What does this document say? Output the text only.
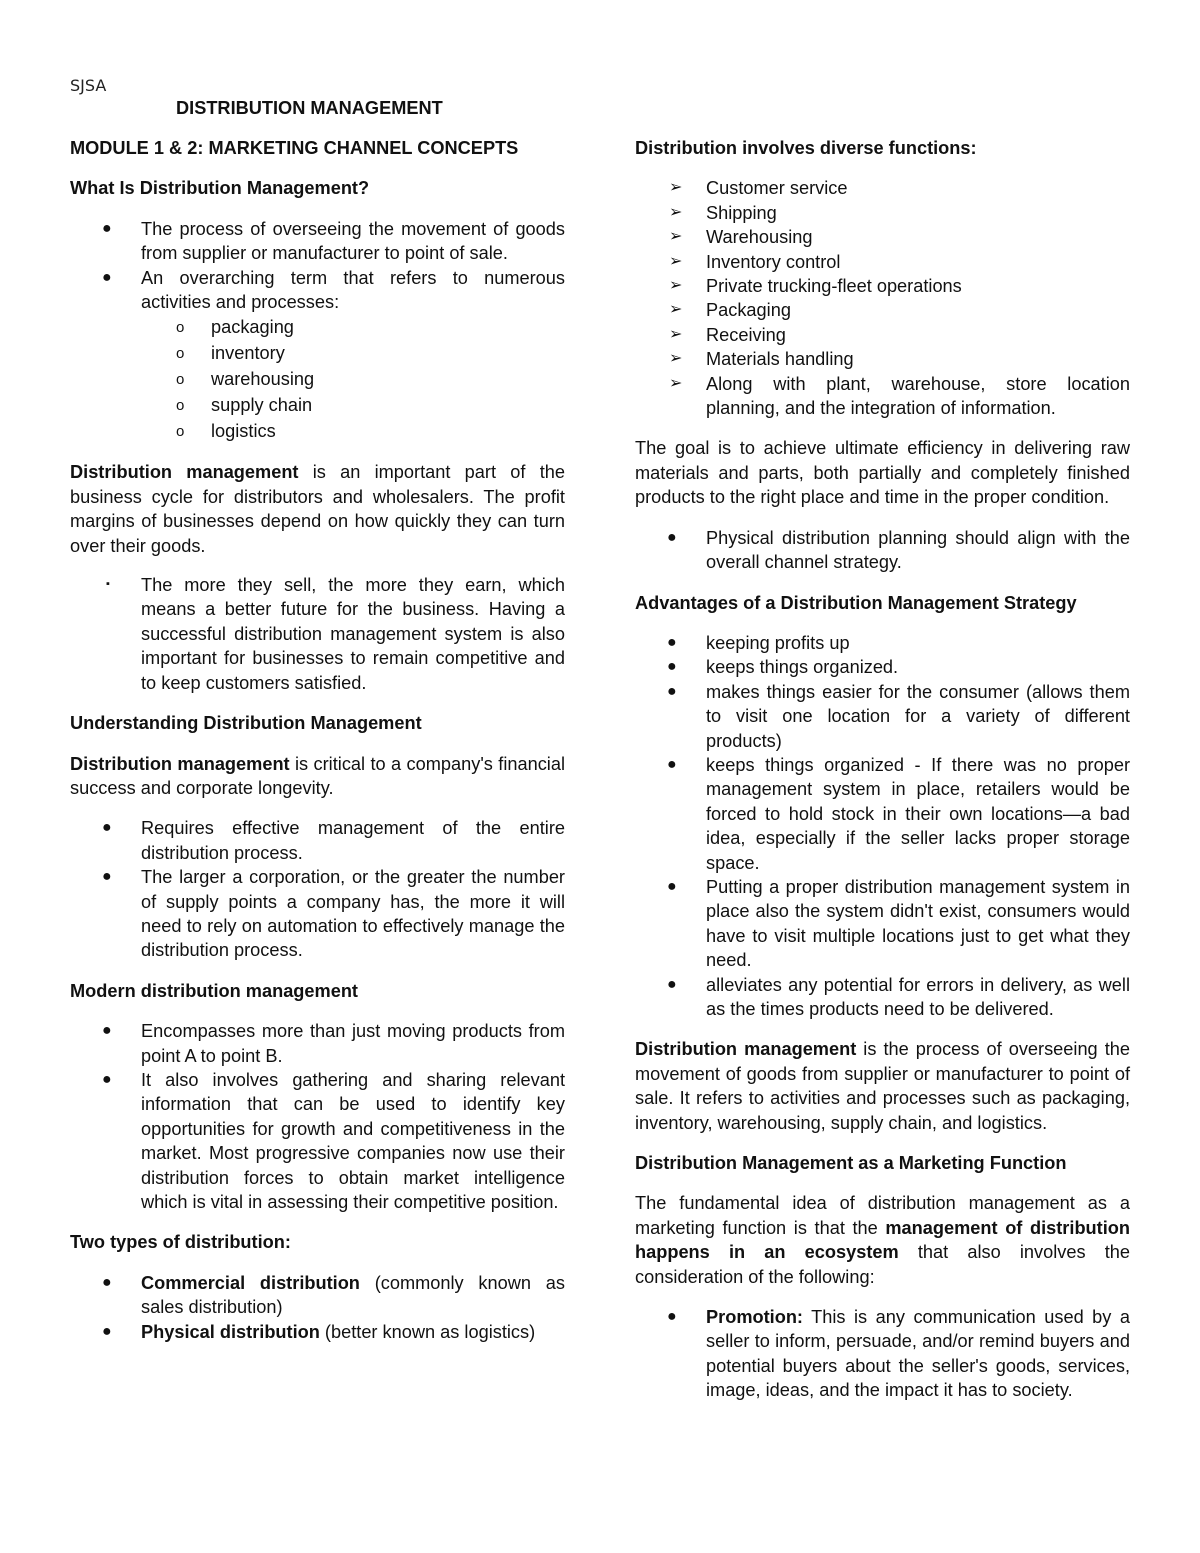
SJSA
DISTRIBUTION MANAGEMENT

MODULE 1 & 2: MARKETING CHANNEL CONCEPTS

What Is Distribution Management?

● The process of overseeing the movement of goods from supplier or manufacturer to point of sale.
● An overarching term that refers to numerous activities and processes:
o packaging
o inventory
o warehousing
o supply chain
o logistics

Distribution management is an important part of the business cycle for distributors and wholesalers. The profit margins of businesses depend on how quickly they can turn over their goods.

▪ The more they sell, the more they earn, which means a better future for the business. Having a successful distribution management system is also important for businesses to remain competitive and to keep customers satisfied.

Understanding Distribution Management

Distribution management is critical to a company's financial success and corporate longevity.

● Requires effective management of the entire distribution process.
● The larger a corporation, or the greater the number of supply points a company has, the more it will need to rely on automation to effectively manage the distribution process.

Modern distribution management

● Encompasses more than just moving products from point A to point B.
● It also involves gathering and sharing relevant information that can be used to identify key opportunities for growth and competitiveness in the market. Most progressive companies now use their distribution forces to obtain market intelligence which is vital in assessing their competitive position.

Two types of distribution:

● Commercial distribution (commonly known as sales distribution)
● Physical distribution (better known as logistics)

Distribution involves diverse functions:

➢ Customer service
➢ Shipping
➢ Warehousing
➢ Inventory control
➢ Private trucking-fleet operations
➢ Packaging
➢ Receiving
➢ Materials handling
➢ Along with plant, warehouse, store location planning, and the integration of information.

The goal is to achieve ultimate efficiency in delivering raw materials and parts, both partially and completely finished products to the right place and time in the proper condition.

● Physical distribution planning should align with the overall channel strategy.

Advantages of a Distribution Management Strategy

● keeping profits up
● keeps things organized.
● makes things easier for the consumer (allows them to visit one location for a variety of different products)
● keeps things organized - If there was no proper management system in place, retailers would be forced to hold stock in their own locations—a bad idea, especially if the seller lacks proper storage space.
● Putting a proper distribution management system in place also the system didn't exist, consumers would have to visit multiple locations just to get what they need.
● alleviates any potential for errors in delivery, as well as the times products need to be delivered.

Distribution management is the process of overseeing the movement of goods from supplier or manufacturer to point of sale. It refers to activities and processes such as packaging, inventory, warehousing, supply chain, and logistics.

Distribution Management as a Marketing Function

The fundamental idea of distribution management as a marketing function is that the management of distribution happens in an ecosystem that also involves the consideration of the following:

● Promotion: This is any communication used by a seller to inform, persuade, and/or remind buyers and potential buyers about the seller's goods, services, image, ideas, and the impact it has to society.
